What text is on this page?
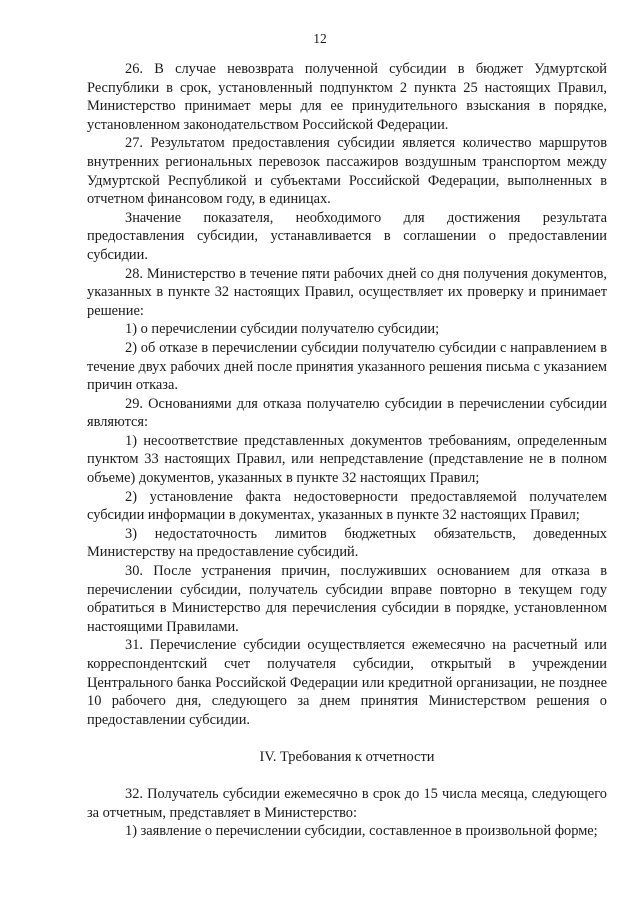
12

26. В случае невозврата полученной субсидии в бюджет Удмуртской Республики в срок, установленный подпунктом 2 пункта 25 настоящих Правил, Министерство принимает меры для ее принудительного взыскания в порядке, установленном законодательством Российской Федерации.

27. Результатом предоставления субсидии является количество маршрутов внутренних региональных перевозок пассажиров воздушным транспортом между Удмуртской Республикой и субъектами Российской Федерации, выполненных в отчетном финансовом году, в единицах.

Значение показателя, необходимого для достижения результата предоставления субсидии, устанавливается в соглашении о предоставлении субсидии.

28. Министерство в течение пяти рабочих дней со дня получения документов, указанных в пункте 32 настоящих Правил, осуществляет их проверку и принимает решение:

1) о перечислении субсидии получателю субсидии;

2) об отказе в перечислении субсидии получателю субсидии с направлением в течение двух рабочих дней после принятия указанного решения письма с указанием причин отказа.

29. Основаниями для отказа получателю субсидии в перечислении субсидии являются:

1) несоответствие представленных документов требованиям, определенным пунктом 33 настоящих Правил, или непредставление (представление не в полном объеме) документов, указанных в пункте 32 настоящих Правил;

2) установление факта недостоверности предоставляемой получателем субсидии информации в документах, указанных в пункте 32 настоящих Правил;

3) недостаточность лимитов бюджетных обязательств, доведенных Министерству на предоставление субсидий.

30. После устранения причин, послуживших основанием для отказа в перечислении субсидии, получатель субсидии вправе повторно в текущем году обратиться в Министерство для перечисления субсидии в порядке, установленном настоящими Правилами.

31. Перечисление субсидии осуществляется ежемесячно на расчетный или корреспондентский счет получателя субсидии, открытый в учреждении Центрального банка Российской Федерации или кредитной организации, не позднее 10 рабочего дня, следующего за днем принятия Министерством решения о предоставлении субсидии.

IV. Требования к отчетности

32. Получатель субсидии ежемесячно в срок до 15 числа месяца, следующего за отчетным, представляет в Министерство:

1) заявление о перечислении субсидии, составленное в произвольной форме;
